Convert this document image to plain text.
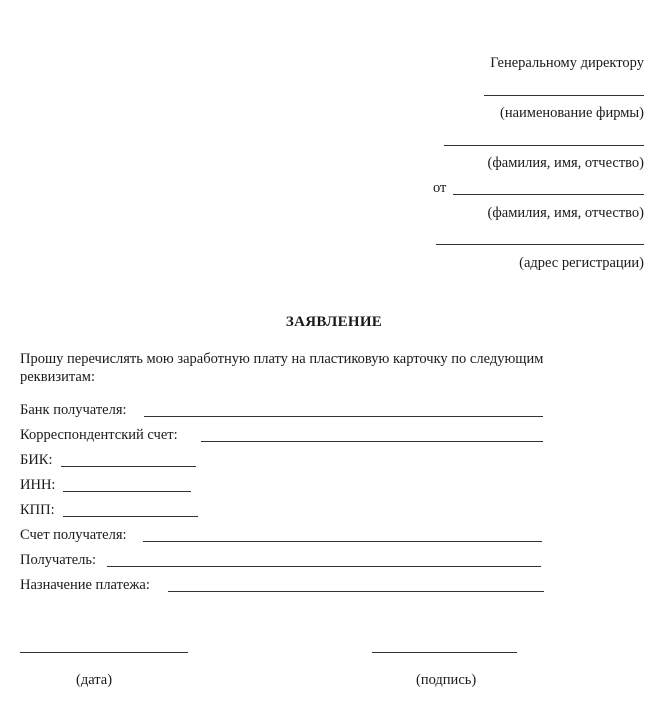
Генеральному директору
(наименование фирмы)
(фамилия, имя, отчество)
от
(фамилия, имя, отчество)
(адрес регистрации)
ЗАЯВЛЕНИЕ
Прошу перечислять мою заработную плату на пластиковую карточку по следующим реквизитам:
Банк получателя:
Корреспондентский счет:
БИК:
ИНН:
КПП:
Счет получателя:
Получатель:
Назначение платежа:
(дата)	(подпись)
